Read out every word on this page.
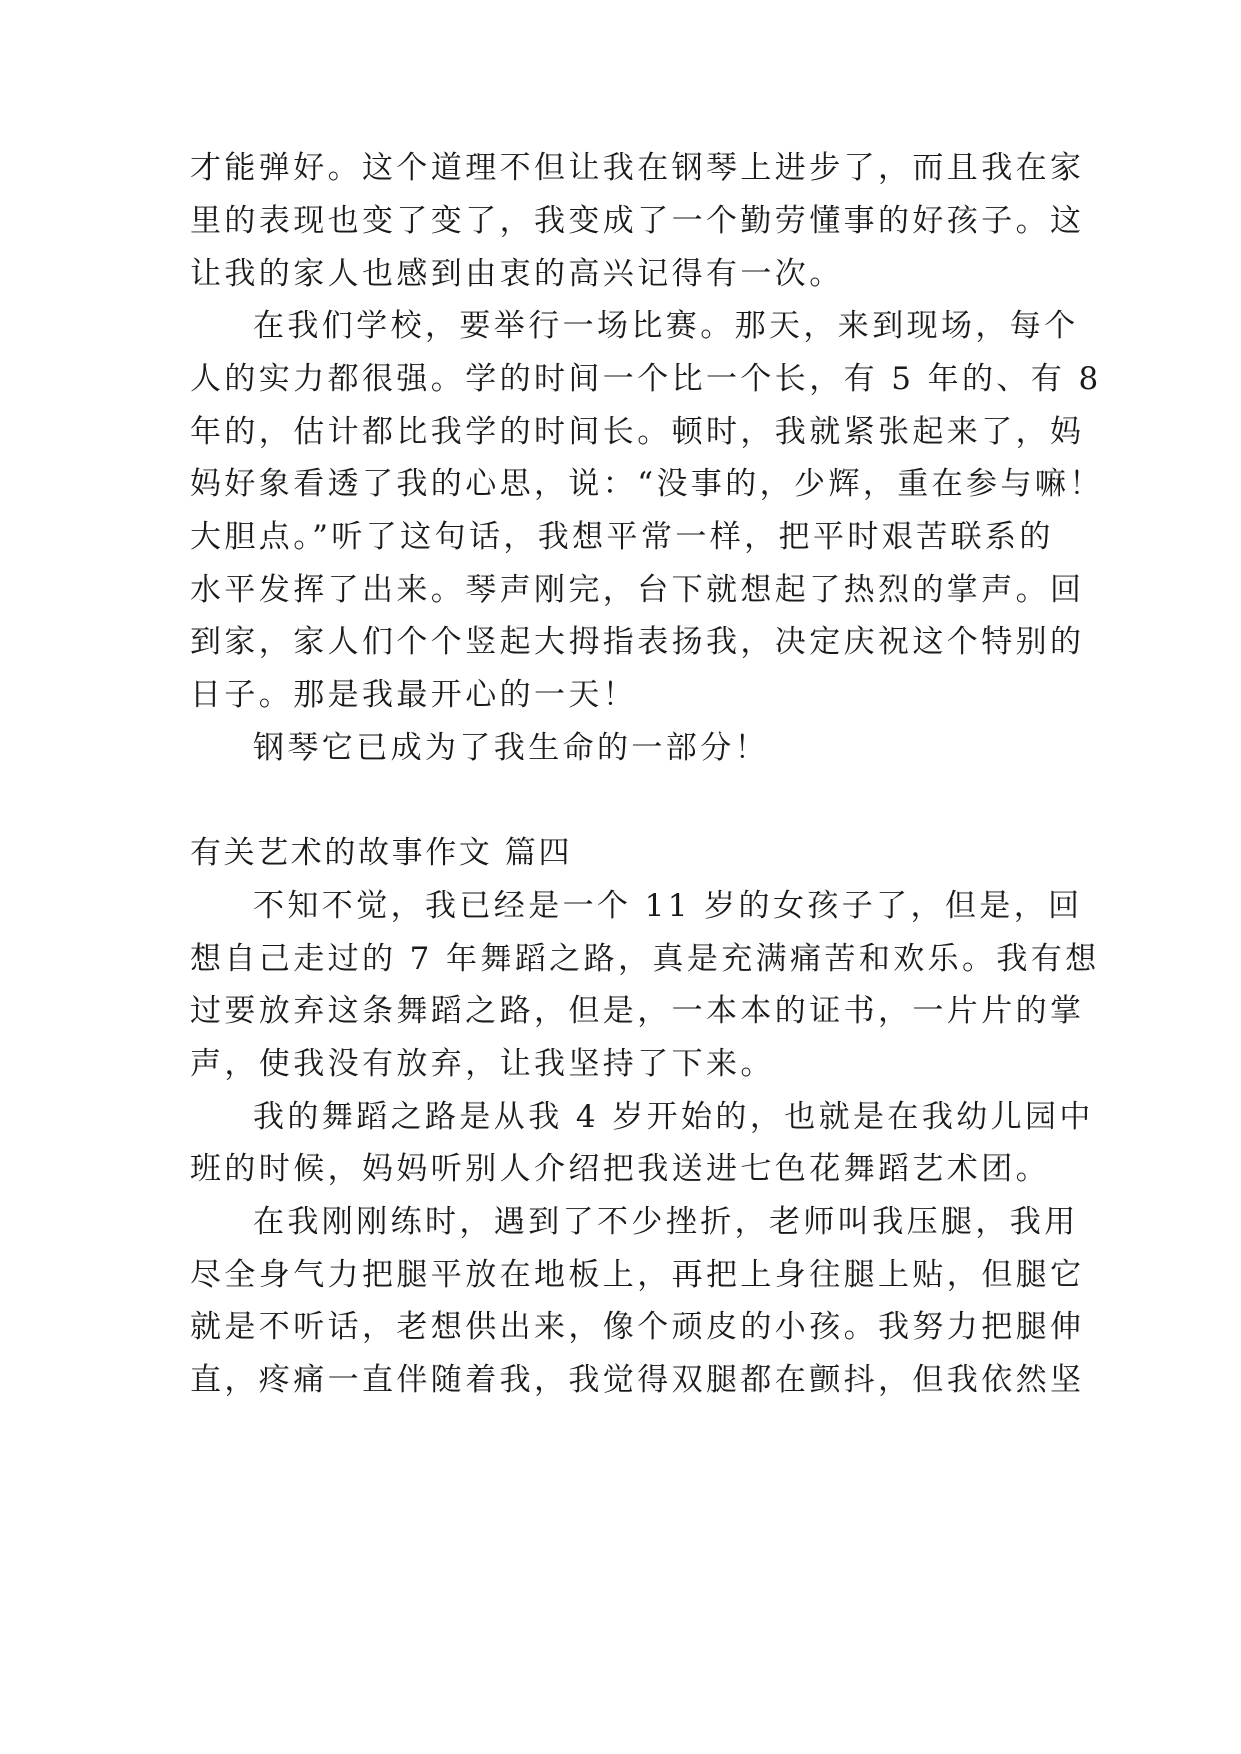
才能弹好。这个道理不但让我在钢琴上进步了，而且我在家
里的表现也变了变了，我变成了一个勤劳懂事的好孩子。这
让我的家人也感到由衷的高兴记得有一次。
在我们学校，要举行一场比赛。那天，来到现场，每个
人的实力都很强。学的时间一个比一个长，有 5 年的、有 8
年的，估计都比我学的时间长。顿时，我就紧张起来了，妈
妈好象看透了我的心思，说：“没事的，少辉，重在参与嘛！
大胆点。”听了这句话，我想平常一样，把平时艰苦联系的
水平发挥了出来。琴声刚完，台下就想起了热烈的掌声。回
到家，家人们个个竖起大拇指表扬我，决定庆祝这个特别的
日子。那是我最开心的一天！
钢琴它已成为了我生命的一部分！
有关艺术的故事作文 篇四
不知不觉，我已经是一个 11 岁的女孩子了，但是，回
想自己走过的 7 年舞蹈之路，真是充满痛苦和欢乐。我有想
过要放弃这条舞蹈之路，但是，一本本的证书，一片片的掌
声，使我没有放弃，让我坚持了下来。
我的舞蹈之路是从我 4 岁开始的，也就是在我幼儿园中
班的时候，妈妈听别人介绍把我送进七色花舞蹈艺术团。
在我刚刚练时，遇到了不少挫折，老师叫我压腿，我用
尽全身气力把腿平放在地板上，再把上身往腿上贴，但腿它
就是不听话，老想供出来，像个顽皮的小孩。我努力把腿伸
直，疼痛一直伴随着我，我觉得双腿都在颤抖，但我依然坚
